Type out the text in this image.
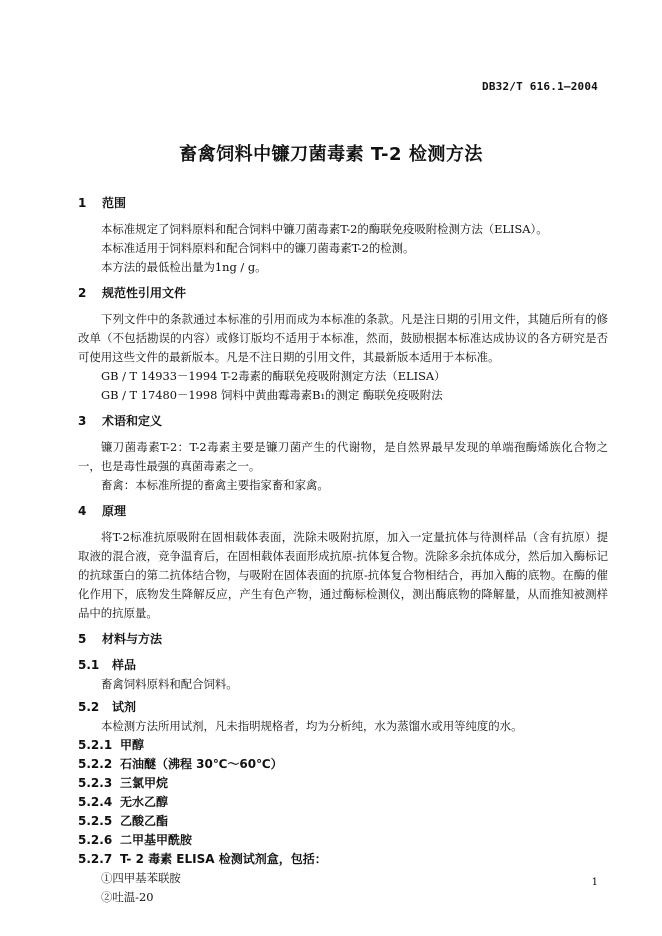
DB32/T 616.1—2004
畜禽饲料中镰刀菌毒素 T-2 检测方法
1	范围

本标准规定了饲料原料和配合饲料中镰刀菌毒素T-2的酶联免疫吸附检测方法（ELISA）。

本标准适用于饲料原料和配合饲料中的镰刀菌毒素T-2的检测。

本方法的最低检出量为1ng / g。

2	规范性引用文件

下列文件中的条款通过本标准的引用而成为本标准的条款。凡是注日期的引用文件，其随后所有的修改单（不包括勘误的内容）或修订版均不适用于本标准，然而，鼓励根据本标准达成协议的各方研究是否可使用这些文件的最新版本。凡是不注日期的引用文件，其最新版本适用于本标准。

GB / T 14933－1994 T-2毒素的酶联免疫吸附测定方法（ELISA）

GB / T 17480－1998 饲料中黄曲霉毒素B₁的测定 酶联免疫吸附法

3	术语和定义

镰刀菌毒素T-2：T-2毒素主要是镰刀菌产生的代谢物，是自然界最早发现的单端孢酶烯族化合物之一，也是毒性最强的真菌毒素之一。

畜禽：本标准所提的畜禽主要指家畜和家禽。

4	原理

将T-2标准抗原吸附在固相载体表面，洗除未吸附抗原，加入一定量抗体与待测样品（含有抗原）提取液的混合液，竞争温育后，在固相载体表面形成抗原-抗体复合物。洗除多余抗体成分，然后加入酶标记的抗球蛋白的第二抗体结合物，与吸附在固体表面的抗原-抗体复合物相结合，再加入酶的底物。在酶的催化作用下，底物发生降解反应，产生有色产物，通过酶标检测仪，测出酶底物的降解量，从而推知被测样品中的抗原量。

5	材料与方法
5.1	样品

畜禽饲料原料和配合饲料。

5.2	试剂

本检测方法所用试剂，凡未指明规格者，均为分析纯，水为蒸馏水或用等纯度的水。

5.2.1 甲醇
5.2.2 石油醚（沸程 30℃～60℃）
5.2.3 三氯甲烷
5.2.4 无水乙醇
5.2.5 乙酸乙酯
5.2.6 二甲基甲酰胺
5.2.7 T- 2 毒素 ELISA 检测试剂盒，包括：

①四甲基苯联胺

②吐温-20

1
